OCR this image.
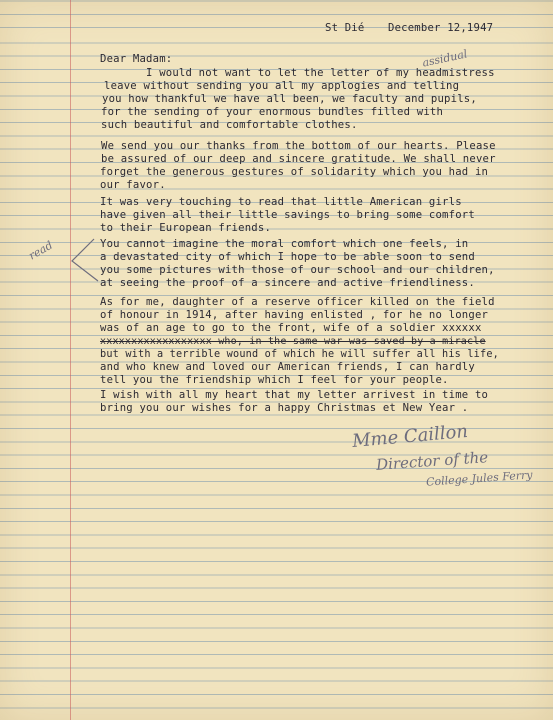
St Dié December 12,1947
assidual
Dear Madam:
I would not want to let the letter of my headmistress
leave without sending you all my applogies and telling
you how thankful we have all been, we faculty and pupils,
for the sending of your enormous bundles filled with
such beautiful and comfortable clothes.
We send you our thanks from the bottom of our hearts. Please
be assured of our deep and sincere gratitude. We shall never
forget the generous gestures of solidarity which you had in
our favor.
It was very touching to read that little American girls
have given all their little savings to bring some comfort
to their European friends.
read	You cannot imagine the moral comfort which one feels, in
a devastated city of which I hope to be able soon to send
you some pictures with those of our school and our children,
at seeing the proof of a sincere and active friendliness.
As for me, daughter of a reserve officer killed on the field
of honour in 1914, after having enlisted , for he no longer
was of an age to go to the front, wife of a soldier xxxxxx
xxxxxxxxxxxxxxxxxx who, in the same war was saved by a miracle
but with a terrible wound of which he will suffer all his life,
and who knew and loved our American friends, I can hardly
tell you the friendship which I feel for your people.
I wish with all my heart that my letter arrivest in time to
bring you our wishes for a happy Christmas et New Year .
Mme Caillon
Director of the
College Jules Ferry
